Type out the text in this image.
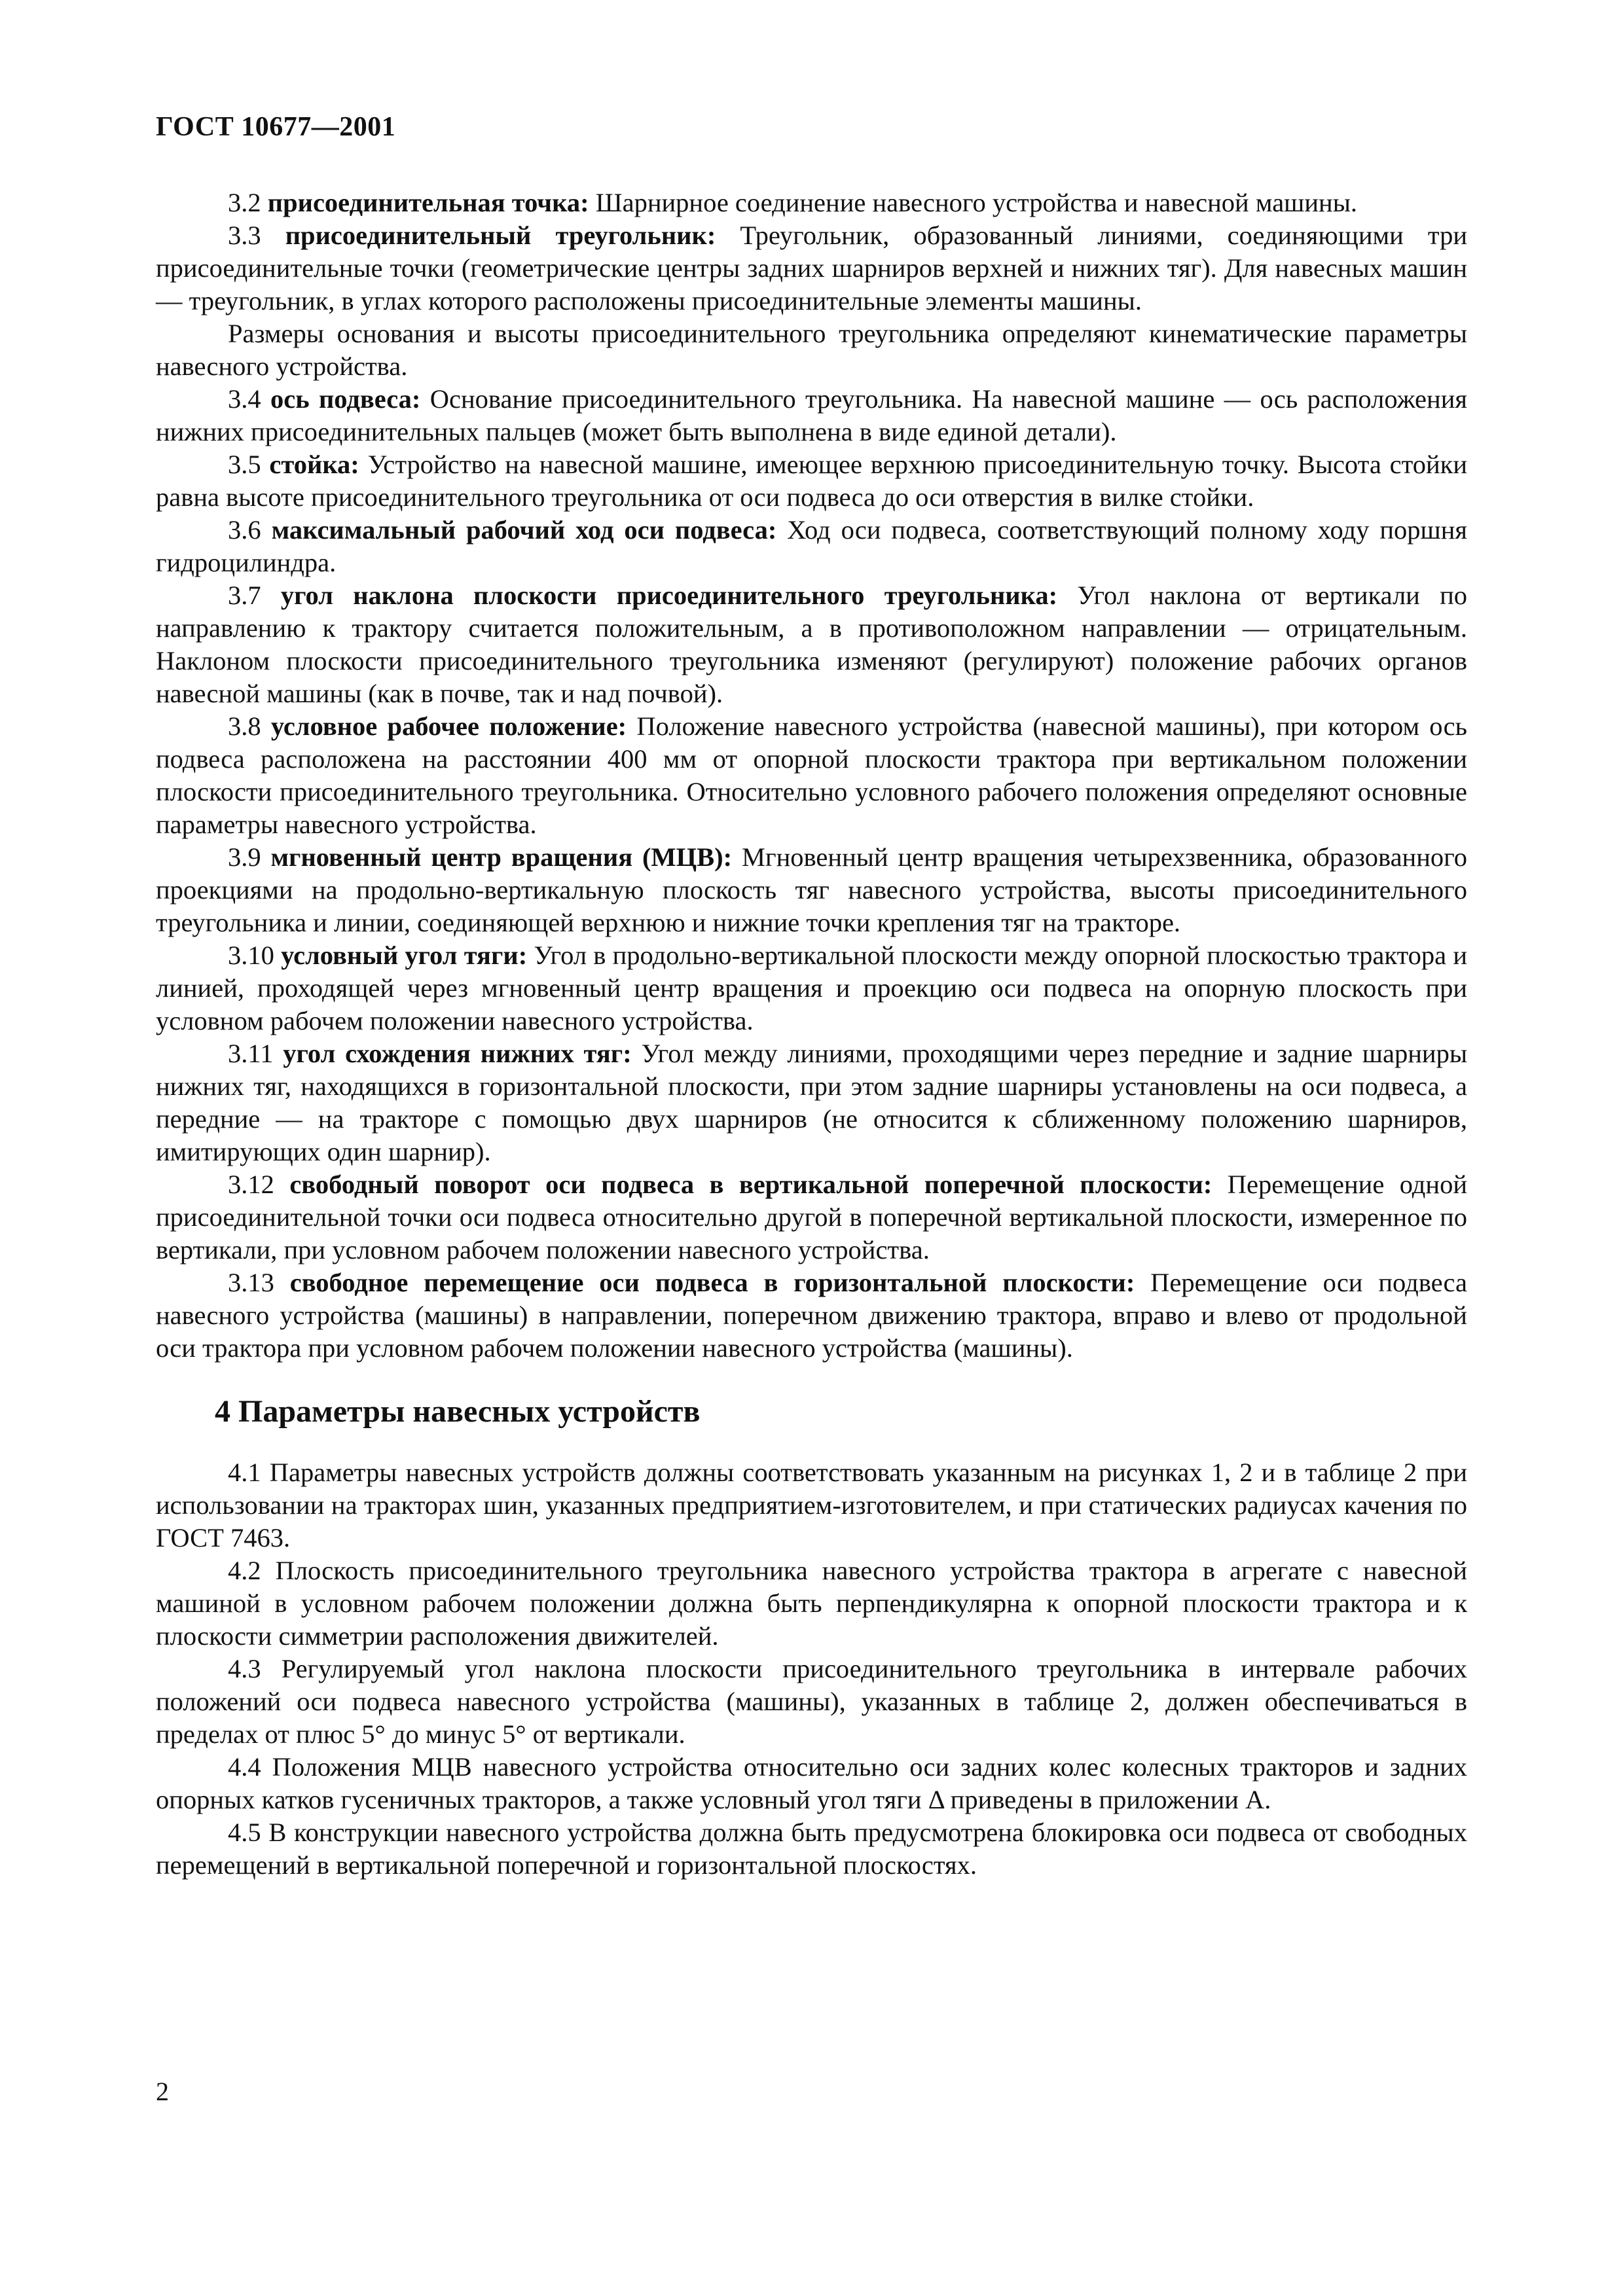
ГОСТ 10677—2001

3.2 присоединительная точка: Шарнирное соединение навесного устройства и навесной машины.

3.3 присоединительный треугольник: Треугольник, образованный линиями, соединяющими три присоединительные точки (геометрические центры задних шарниров верхней и нижних тяг). Для навесных машин — треугольник, в углах которого расположены присоединительные элементы машины.

Размеры основания и высоты присоединительного треугольника определяют кинематические параметры навесного устройства.

3.4 ось подвеса: Основание присоединительного треугольника. На навесной машине — ось расположения нижних присоединительных пальцев (может быть выполнена в виде единой детали).

3.5 стойка: Устройство на навесной машине, имеющее верхнюю присоединительную точку. Высота стойки равна высоте присоединительного треугольника от оси подвеса до оси отверстия в вилке стойки.

3.6 максимальный рабочий ход оси подвеса: Ход оси подвеса, соответствующий полному ходу поршня гидроцилиндра.

3.7 угол наклона плоскости присоединительного треугольника: Угол наклона от вертикали по направлению к трактору считается положительным, а в противоположном направлении — отрицательным. Наклоном плоскости присоединительного треугольника изменяют (регулируют) положение рабочих органов навесной машины (как в почве, так и над почвой).

3.8 условное рабочее положение: Положение навесного устройства (навесной машины), при котором ось подвеса расположена на расстоянии 400 мм от опорной плоскости трактора при вертикальном положении плоскости присоединительного треугольника. Относительно условного рабочего положения определяют основные параметры навесного устройства.

3.9 мгновенный центр вращения (МЦВ): Мгновенный центр вращения четырехзвенника, образованного проекциями на продольно-вертикальную плоскость тяг навесного устройства, высоты присоединительного треугольника и линии, соединяющей верхнюю и нижние точки крепления тяг на тракторе.

3.10 условный угол тяги: Угол в продольно-вертикальной плоскости между опорной плоскостью трактора и линией, проходящей через мгновенный центр вращения и проекцию оси подвеса на опорную плоскость при условном рабочем положении навесного устройства.

3.11 угол схождения нижних тяг: Угол между линиями, проходящими через передние и задние шарниры нижних тяг, находящихся в горизонтальной плоскости, при этом задние шарниры установлены на оси подвеса, а передние — на тракторе с помощью двух шарниров (не относится к сближенному положению шарниров, имитирующих один шарнир).

3.12 свободный поворот оси подвеса в вертикальной поперечной плоскости: Перемещение одной присоединительной точки оси подвеса относительно другой в поперечной вертикальной плоскости, измеренное по вертикали, при условном рабочем положении навесного устройства.

3.13 свободное перемещение оси подвеса в горизонтальной плоскости: Перемещение оси подвеса навесного устройства (машины) в направлении, поперечном движению трактора, вправо и влево от продольной оси трактора при условном рабочем положении навесного устройства (машины).

4 Параметры навесных устройств

4.1 Параметры навесных устройств должны соответствовать указанным на рисунках 1, 2 и в таблице 2 при использовании на тракторах шин, указанных предприятием-изготовителем, и при статических радиусах качения по ГОСТ 7463.

4.2 Плоскость присоединительного треугольника навесного устройства трактора в агрегате с навесной машиной в условном рабочем положении должна быть перпендикулярна к опорной плоскости трактора и к плоскости симметрии расположения движителей.

4.3 Регулируемый угол наклона плоскости присоединительного треугольника в интервале рабочих положений оси подвеса навесного устройства (машины), указанных в таблице 2, должен обеспечиваться в пределах от плюс 5° до минус 5° от вертикали.

4.4 Положения МЦВ навесного устройства относительно оси задних колес колесных тракторов и задних опорных катков гусеничных тракторов, а также условный угол тяги Δ приведены в приложении А.

4.5 В конструкции навесного устройства должна быть предусмотрена блокировка оси подвеса от свободных перемещений в вертикальной поперечной и горизонтальной плоскостях.

2
